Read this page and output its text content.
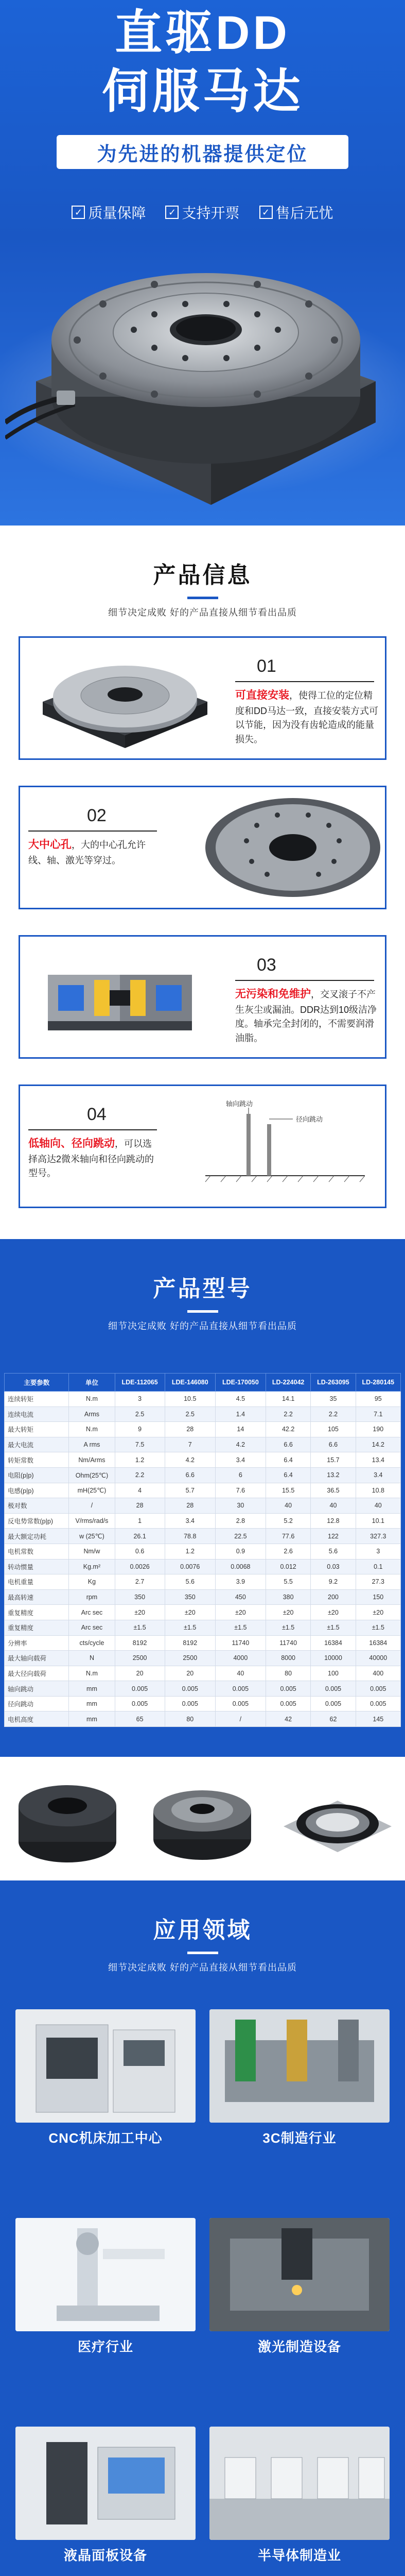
直驱DD
伺服马达
为先进的机器提供定位
✓ 质量保障	✓ 支持开票	✓ 售后无忧
产品信息
细节决定成败 好的产品直接从细节看出品质
01
可直接安装，使得工位的定位精度和DD马达一致，直接安装方式可以节能，因为没有齿轮造成的能量损失。
02
大中心孔，大的中心孔允许线、轴、激光等穿过。
03
无污染和免维护，交叉滚子不产生灰尘或漏油。DDR达到10级洁净度。轴承完全封闭的，不需要润滑油脂。
04
低轴向、径向跳动，可以选择高达2微米轴向和径向跳动的型号。
轴向跳动
径向跳动
产品型号
细节决定成败 好的产品直接从细节看出品质
主要参数	单位	LDE-112065	LDE-146080	LDE-170050	LD-224042	LD-263095	LD-280145
连续转矩	N.m	3	10.5	4.5	14.1	35	95
连续电流	Arms	2.5	2.5	1.4	2.2	2.2	7.1
最大转矩	N.m	9	28	14	42.2	105	190
最大电流	A rms	7.5	7	4.2	6.6	6.6	14.2
转矩常数	Nm/Arms	1.2	4.2	3.4	6.4	15.7	13.4
电阻(p|p)	Ohm(25℃)	2.2	6.6	6	6.4	13.2	3.4
电感(p|p)	mH(25℃)	4	5.7	7.6	15.5	36.5	10.8
极对数	/	28	28	30	40	40	40
反电势常数(p|p)	V/rms/rad/s	1	3.4	2.8	5.2	12.8	10.1
最大额定功耗	w (25℃)	26.1	78.8	22.5	77.6	122	327.3
电机常数	Nm/w	0.6	1.2	0.9	2.6	5.6	3
转动惯量	Kg.m²	0.0026	0.0076	0.0068	0.012	0.03	0.1
电机重量	Kg	2.7	5.6	3.9	5.5	9.2	27.3
最高转速	rpm	350	350	450	380	200	150
重复精度	Arc sec	±20	±20	±20	±20	±20	±20
重复精度	Arc sec	±1.5	±1.5	±1.5	±1.5	±1.5	±1.5
分辨率	cts/cycle	8192	8192	11740	11740	16384	16384
最大轴向载荷	N	2500	2500	4000	8000	10000	40000
最大径向载荷	N.m	20	20	40	80	100	400
轴向跳动	mm	0.005	0.005	0.005	0.005	0.005	0.005
径向跳动	mm	0.005	0.005	0.005	0.005	0.005	0.005
电机高度	mm	65	80	/	42	62	145
应用领域
细节决定成败 好的产品直接从细节看出品质
CNC机床加工中心	3C制造行业
医疗行业	激光制造设备
液晶面板设备	半导体制造业
